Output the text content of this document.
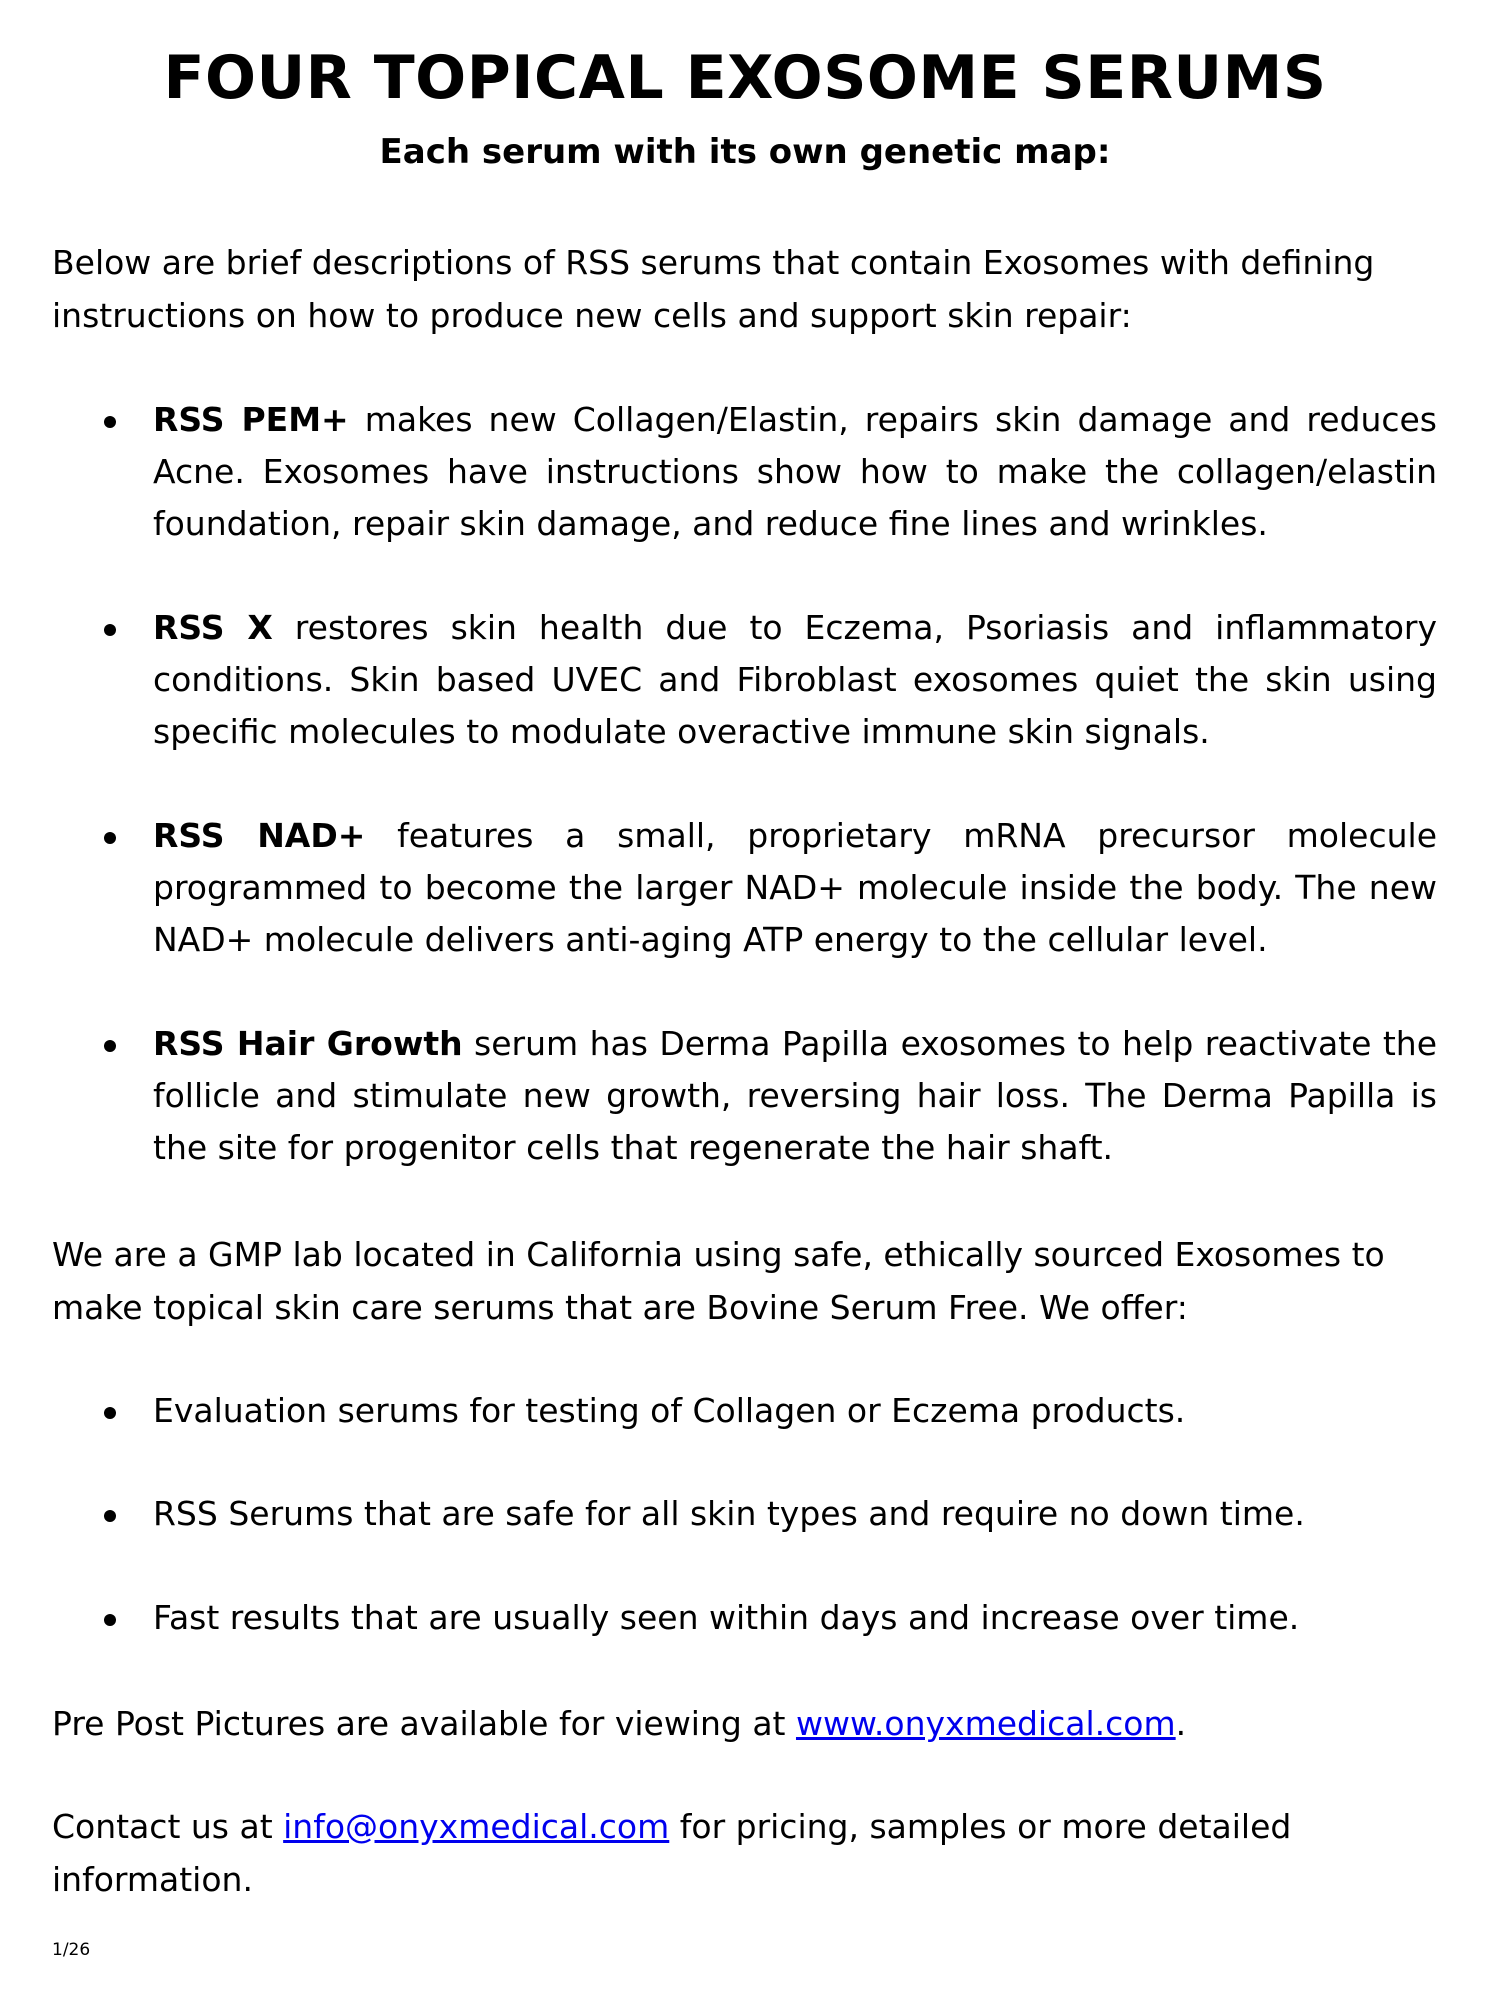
FOUR TOPICAL EXOSOME SERUMS
Each serum with its own genetic map:
Below are brief descriptions of RSS serums that contain Exosomes with defining instructions on how to produce new cells and support skin repair:
RSS PEM+ makes new Collagen/Elastin, repairs skin damage and reduces Acne. Exosomes have instructions show how to make the collagen/elastin foundation, repair skin damage, and reduce fine lines and wrinkles.
RSS X restores skin health due to Eczema, Psoriasis and inflammatory conditions. Skin based UVEC and Fibroblast exosomes quiet the skin using specific molecules to modulate overactive immune skin signals.
RSS NAD+ features a small, proprietary mRNA precursor molecule programmed to become the larger NAD+ molecule inside the body. The new NAD+ molecule delivers anti-aging ATP energy to the cellular level.
RSS Hair Growth serum has Derma Papilla exosomes to help reactivate the follicle and stimulate new growth, reversing hair loss. The Derma Papilla is the site for progenitor cells that regenerate the hair shaft.
We are a GMP lab located in California using safe, ethically sourced Exosomes to make topical skin care serums that are Bovine Serum Free. We offer:
Evaluation serums for testing of Collagen or Eczema products.
RSS Serums that are safe for all skin types and require no down time.
Fast results that are usually seen within days and increase over time.
Pre Post Pictures are available for viewing at www.onyxmedical.com.
Contact us at info@onyxmedical.com for pricing, samples or more detailed information.
1/26
